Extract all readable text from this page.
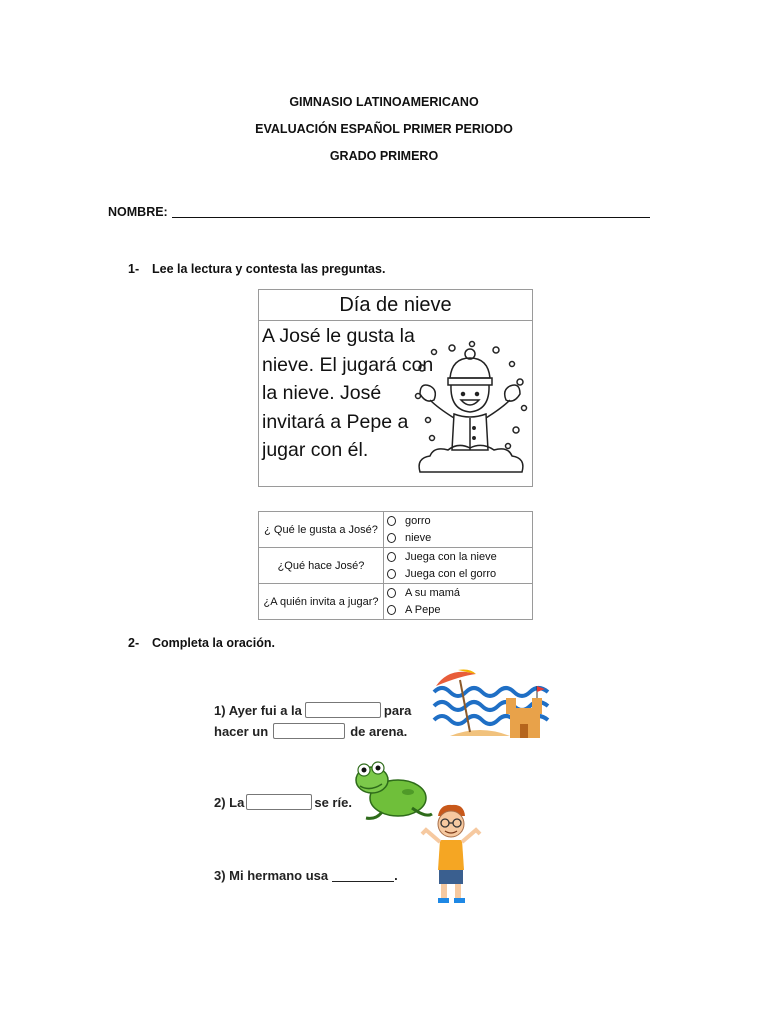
GIMNASIO LATINOAMERICANO
EVALUACIÓN ESPAÑOL PRIMER PERIODO
GRADO PRIMERO
NOMBRE:
1- Lee la lectura y contesta las preguntas.
Día de nieve
A José le gusta la
nieve. El jugará con
la nieve. José
invitará a Pepe a
jugar con él.
¿ Qué le gusta a José?	gorro
nieve

¿Qué hace José?	Juega con la nieve
Juega con el gorro

¿A quién invita a jugar?	A su mamá
A Pepe
2- Completa la oración.
1) Ayer fui a la	para
hacer un	de arena.
2) La	se ríe.
3) Mi hermano usa	.
